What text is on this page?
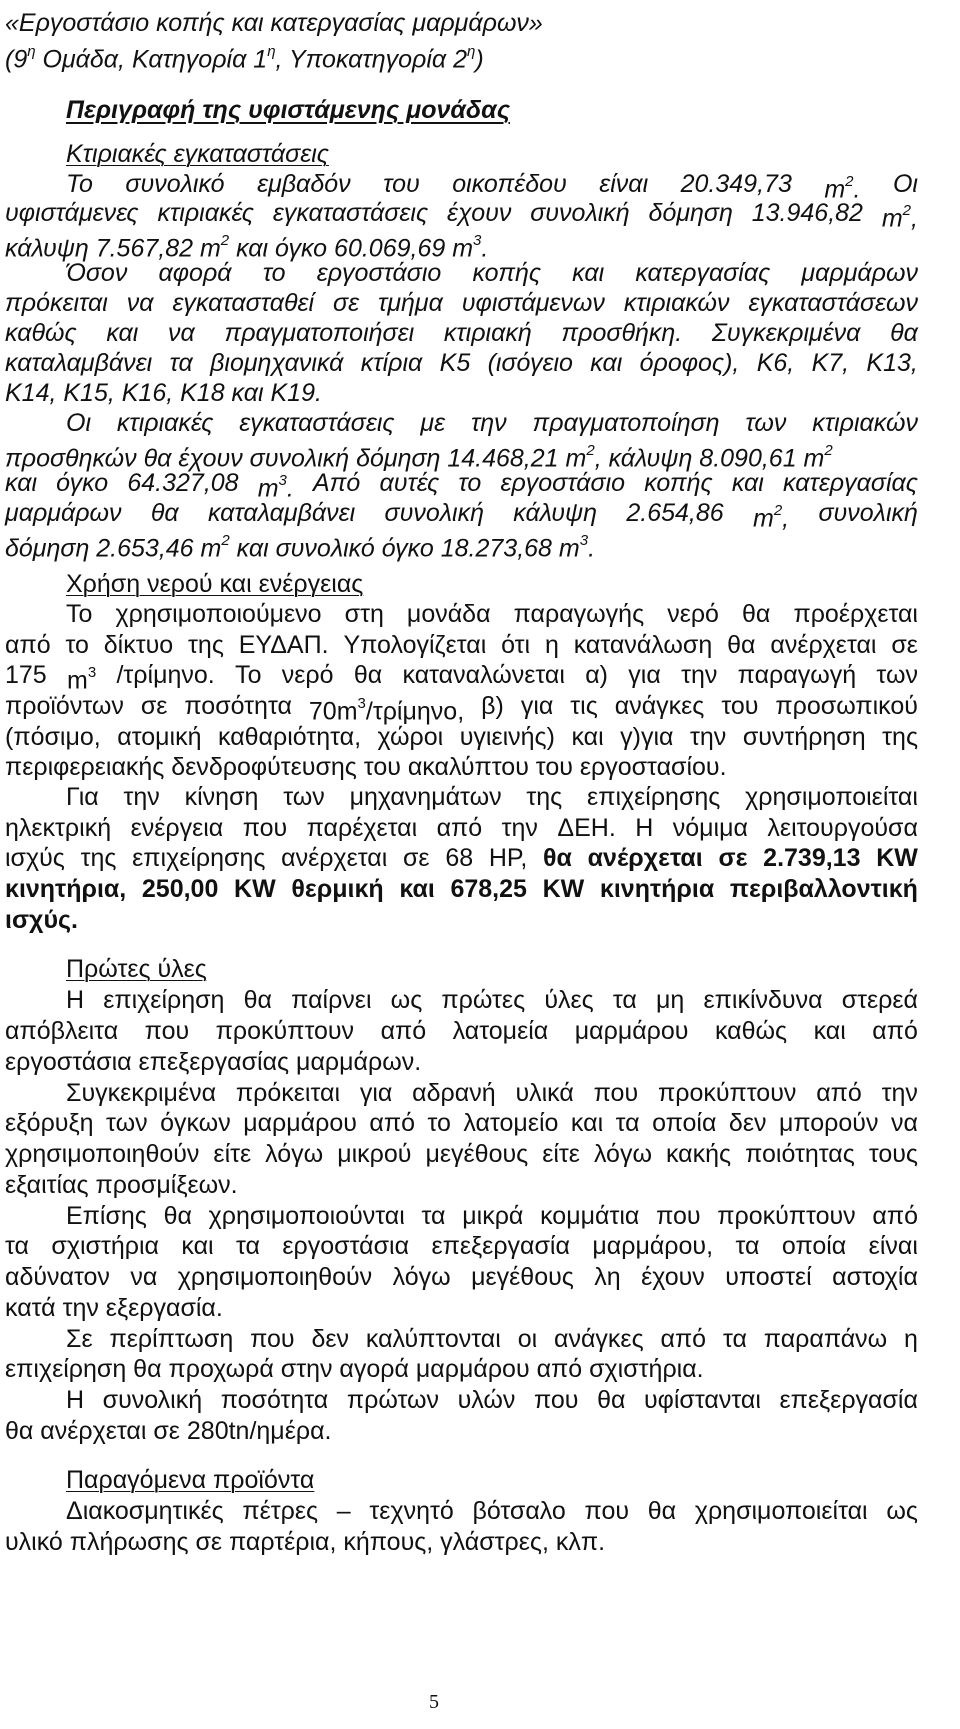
«Εργοστάσιο κοπής και κατεργασίας μαρμάρων»
($9^\eta$ Ομάδα, Κατηγορία $1^\eta$, Υποκατηγορία $2^\eta$)
Περιγραφή της υφιστάμενης μονάδας
Κτιριακές εγκαταστάσεις
Το συνολικό εμβαδόν του οικοπέδου είναι 20.349,73 $m^2$. Οι
υφιστάμενες κτιριακές εγκαταστάσεις έχουν συνολική δόμηση 13.946,82 $m^2$,
κάλυψη 7.567,82 $m^2$ και όγκο 60.069,69 $m^3$.
Όσον αφορά το εργοστάσιο κοπής και κατεργασίας μαρμάρων
πρόκειται να εγκατασταθεί σε τμήμα υφιστάμενων κτιριακών εγκαταστάσεων
καθώς και να πραγματοποιήσει κτιριακή προσθήκη. Συγκεκριμένα θα
καταλαμβάνει τα βιομηχανικά κτίρια Κ5 (ισόγειο και όροφος), Κ6, Κ7, Κ13,
Κ14, Κ15, Κ16, Κ18 και Κ19.
Οι κτιριακές εγκαταστάσεις με την πραγματοποίηση των κτιριακών
προσθηκών θα έχουν συνολική δόμηση 14.468,21 $m^2$, κάλυψη 8.090,61 $m^2$
και όγκο 64.327,08 $m^3$. Από αυτές το εργοστάσιο κοπής και κατεργασίας
μαρμάρων θα καταλαμβάνει συνολική κάλυψη 2.654,86 $m^2$, συνολική
δόμηση 2.653,46 $m^2$ και συνολικό όγκο 18.273,68 $m^3$.
Χρήση νερού και ενέργειας
Το χρησιμοποιούμενο στη μονάδα παραγωγής νερό θα προέρχεται
από το δίκτυο της ΕΥΔΑΠ. Υπολογίζεται ότι η κατανάλωση θα ανέρχεται σε
175 $m^3$ /τρίμηνο. Το νερό θα καταναλώνεται α) για την παραγωγή των
προϊόντων σε ποσότητα $70m^3$/τρίμηνο, β) για τις ανάγκες του προσωπικού
(πόσιμο, ατομική καθαριότητα, χώροι υγιεινής) και γ)για την συντήρηση της
περιφερειακής δενδροφύτευσης του ακαλύπτου του εργοστασίου.
Για την κίνηση των μηχανημάτων της επιχείρησης χρησιμοποιείται
ηλεκτρική ενέργεια που παρέχεται από την ΔΕΗ. Η νόμιμα λειτουργούσα
ισχύς της επιχείρησης ανέρχεται σε 68 HP, θα ανέρχεται σε 2.739,13 KW
κινητήρια, 250,00 KW θερμική και 678,25 KW κινητήρια περιβαλλοντική
ισχύς.
Πρώτες ύλες
Η επιχείρηση θα παίρνει ως πρώτες ύλες τα μη επικίνδυνα στερεά
απόβλειτα που προκύπτουν από λατομεία μαρμάρου καθώς και από
εργοστάσια επεξεργασίας μαρμάρων.
Συγκεκριμένα πρόκειται για αδρανή υλικά που προκύπτουν από την
εξόρυξη των όγκων μαρμάρου από το λατομείο και τα οποία δεν μπορούν να
χρησιμοποιηθούν είτε λόγω μικρού μεγέθους είτε λόγω κακής ποιότητας τους
εξαιτίας προσμίξεων.
Επίσης θα χρησιμοποιούνται τα μικρά κομμάτια που προκύπτουν από
τα σχιστήρια και τα εργοστάσια επεξεργασία μαρμάρου, τα οποία είναι
αδύνατον να χρησιμοποιηθούν λόγω μεγέθους λη έχουν υποστεί αστοχία
κατά την εξεργασία.
Σε περίπτωση που δεν καλύπτονται οι ανάγκες από τα παραπάνω η
επιχείρηση θα προχωρά στην αγορά μαρμάρου από σχιστήρια.
Η συνολική ποσότητα πρώτων υλών που θα υφίστανται επεξεργασία
θα ανέρχεται σε 280tn/ημέρα.
Παραγόμενα προϊόντα
Διακοσμητικές πέτρες – τεχνητό βότσαλο που θα χρησιμοποιείται ως
υλικό πλήρωσης σε παρτέρια, κήπους, γλάστρες, κλπ.
5
